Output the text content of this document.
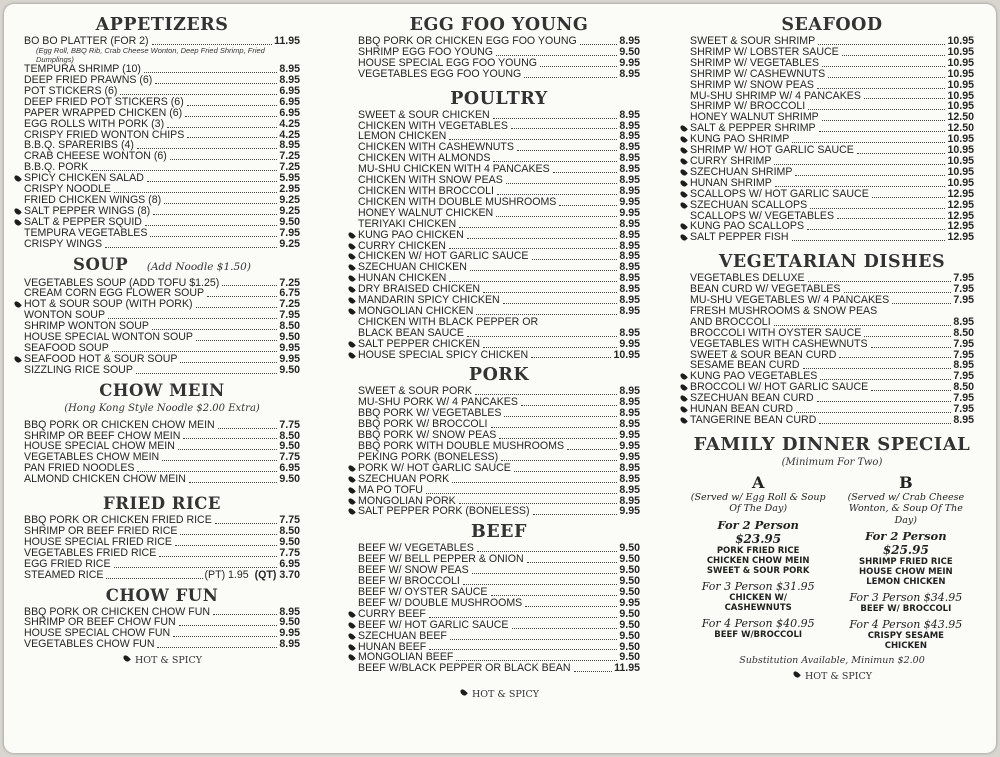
APPETIZERS
BO BO PLATTER (FOR 2)	11.95
(Egg Roll, BBQ Rib, Crab Cheese Wonton, Deep Fried Shrimp, Fried Dumplings)
TEMPURA SHRIMP (10)	8.95
DEEP FRIED PRAWNS (6)	8.95
POT STICKERS (6)	6.95
DEEP FRIED POT STICKERS (6)	6.95
PAPER WRAPPED CHICKEN (6)	6.95
EGG ROLLS WITH PORK (3)	4.25
CRISPY FRIED WONTON CHIPS	4.25
B.B.Q. SPARERIBS (4)	8.95
CRAB CHEESE WONTON (6)	7.25
B.B.Q. PORK	7.25
SPICY CHICKEN SALAD	5.95
CRISPY NOODLE	2.95
FRIED CHICKEN WINGS (8)	9.25
SALT PEPPER WINGS (8)	9.25
SALT & PEPPER SQUID	9.50
TEMPURA VEGETABLES	7.95
CRISPY WINGS	9.25
SOUP (Add Noodle $1.50)
VEGETABLES SOUP (ADD TOFU $1.25)	7.25
CREAM CORN EGG FLOWER SOUP	6.75
HOT & SOUR SOUP (WITH PORK)	7.25
WONTON SOUP	7.95
SHRIMP WONTON SOUP	8.50
HOUSE SPECIAL WONTON SOUP	9.50
SEAFOOD SOUP	9.95
SEAFOOD HOT & SOUR SOUP	9.95
SIZZLING RICE SOUP	9.50
CHOW MEIN
(Hong Kong Style Noodle $2.00 Extra)
BBQ PORK OR CHICKEN CHOW MEIN	7.75
SHRIMP OR BEEF CHOW MEIN	8.50
HOUSE SPECIAL CHOW MEIN	9.50
VEGETABLES CHOW MEIN	7.75
PAN FRIED NOODLES	6.95
ALMOND CHICKEN CHOW MEIN	9.50
FRIED RICE
BBQ PORK OR CHICKEN FRIED RICE	7.75
SHRIMP OR BEEF FRIED RICE	8.50
HOUSE SPECIAL FRIED RICE	9.50
VEGETABLES FRIED RICE	7.75
EGG FRIED RICE	6.95
STEAMED RICE	(PT) 1.95 (QT) 3.70
CHOW FUN
BBQ PORK OR CHICKEN CHOW FUN	8.95
SHRIMP OR BEEF CHOW FUN	9.50
HOUSE SPECIAL CHOW FUN	9.95
VEGETABLES CHOW FUN	8.95
HOT & SPICY
EGG FOO YOUNG
BBQ PORK OR CHICKEN EGG FOO YOUNG	8.95
SHRIMP EGG FOO YOUNG	9.50
HOUSE SPECIAL EGG FOO YOUNG	9.95
VEGETABLES EGG FOO YOUNG	8.95
POULTRY
SWEET & SOUR CHICKEN	8.95
CHICKEN WITH VEGETABLES	8.95
LEMON CHICKEN	8.95
CHICKEN WITH CASHEWNUTS	8.95
CHICKEN WITH ALMONDS	8.95
MU-SHU CHICKEN WITH 4 PANCAKES	8.95
CHICKEN WITH SNOW PEAS	8.95
CHICKEN WITH BROCCOLI	8.95
CHICKEN WITH DOUBLE MUSHROOMS	9.95
HONEY WALNUT CHICKEN	9.95
TERIYAKI CHICKEN	8.95
KUNG PAO CHICKEN	8.95
CURRY CHICKEN	8.95
CHICKEN W/ HOT GARLIC SAUCE	8.95
SZECHUAN CHICKEN	8.95
HUNAN CHICKEN	8.95
DRY BRAISED CHICKEN	8.95
MANDARIN SPICY CHICKEN	8.95
MONGOLIAN CHICKEN	8.95
CHICKEN WITH BLACK PEPPER OR
BLACK BEAN SAUCE	8.95
SALT PEPPER CHICKEN	9.95
HOUSE SPECIAL SPICY CHICKEN	10.95
PORK
SWEET & SOUR PORK	8.95
MU-SHU PORK W/ 4 PANCAKES	8.95
BBQ PORK W/ VEGETABLES	8.95
BBQ PORK W/ BROCCOLI	8.95
BBQ PORK W/ SNOW PEAS	9.95
BBQ PORK WITH DOUBLE MUSHROOMS	9.95
PEKING PORK (BONELESS)	9.95
PORK W/ HOT GARLIC SAUCE	8.95
SZECHUAN PORK	8.95
MA PO TOFU	8.95
MONGOLIAN PORK	8.95
SALT PEPPER PORK (BONELESS)	9.95
BEEF
BEEF W/ VEGETABLES	9.50
BEEF W/ BELL PEPPER & ONION	9.50
BEEF W/ SNOW PEAS	9.50
BEEF W/ BROCCOLI	9.50
BEEF W/ OYSTER SAUCE	9.50
BEEF W/ DOUBLE MUSHROOMS	9.95
CURRY BEEF	9.50
BEEF W/ HOT GARLIC SAUCE	9.50
SZECHUAN BEEF	9.50
HUNAN BEEF	9.50
MONGOLIAN BEEF	9.50
BEEF W/BLACK PEPPER OR BLACK BEAN	11.95
HOT & SPICY
SEAFOOD
SWEET & SOUR SHRIMP	10.95
SHRIMP W/ LOBSTER SAUCE	10.95
SHRIMP W/ VEGETABLES	10.95
SHRIMP W/ CASHEWNUTS	10.95
SHRIMP W/ SNOW PEAS	10.95
MU-SHU SHRIMP W/ 4 PANCAKES	10.95
SHRIMP W/ BROCCOLI	10.95
HONEY WALNUT SHRIMP	12.50
SALT & PEPPER SHRIMP	12.50
KUNG PAO SHRIMP	10.95
SHRIMP W/ HOT GARLIC SAUCE	10.95
CURRY SHRIMP	10.95
SZECHUAN SHRIMP	10.95
HUNAN SHRIMP	10.95
SCALLOPS W/ HOT GARLIC SAUCE	12.95
SZECHUAN SCALLOPS	12.95
SCALLOPS W/ VEGETABLES	12.95
KUNG PAO SCALLOPS	12.95
SALT PEPPER FISH	12.95
VEGETARIAN DISHES
VEGETABLES DELUXE	7.95
BEAN CURD W/ VEGETABLES	7.95
MU-SHU VEGETABLES W/ 4 PANCAKES	7.95
FRESH MUSHROOMS & SNOW PEAS
AND BROCCOLI	8.95
BROCCOLI WITH OYSTER SAUCE	8.50
VEGETABLES WITH CASHEWNUTS	7.95
SWEET & SOUR BEAN CURD	7.95
SESAME BEAN CURD	8.95
KUNG PAO VEGETABLES	7.95
BROCCOLI W/ HOT GARLIC SAUCE	8.50
SZECHUAN BEAN CURD	7.95
HUNAN BEAN CURD	7.95
TANGERINE BEAN CURD	8.95
FAMILY DINNER SPECIAL
(Minimum For Two)
A
(Served w/ Egg Roll & Soup Of The Day)
For 2 Person
$23.95
PORK FRIED RICE
CHICKEN CHOW MEIN
SWEET & SOUR PORK
For 3 Person $31.95
CHICKEN W/
CASHEWNUTS
For 4 Person $40.95
BEEF W/BROCCOLI
B
(Served w/ Crab Cheese Wonton, & Soup Of The Day)
For 2 Person
$25.95
SHRIMP FRIED RICE
HOUSE CHOW MEIN
LEMON CHICKEN
For 3 Person $34.95
BEEF W/ BROCCOLI
For 4 Person $43.95
CRISPY SESAME
CHICKEN
Substitution Available, Minimun $2.00
HOT & SPICY
